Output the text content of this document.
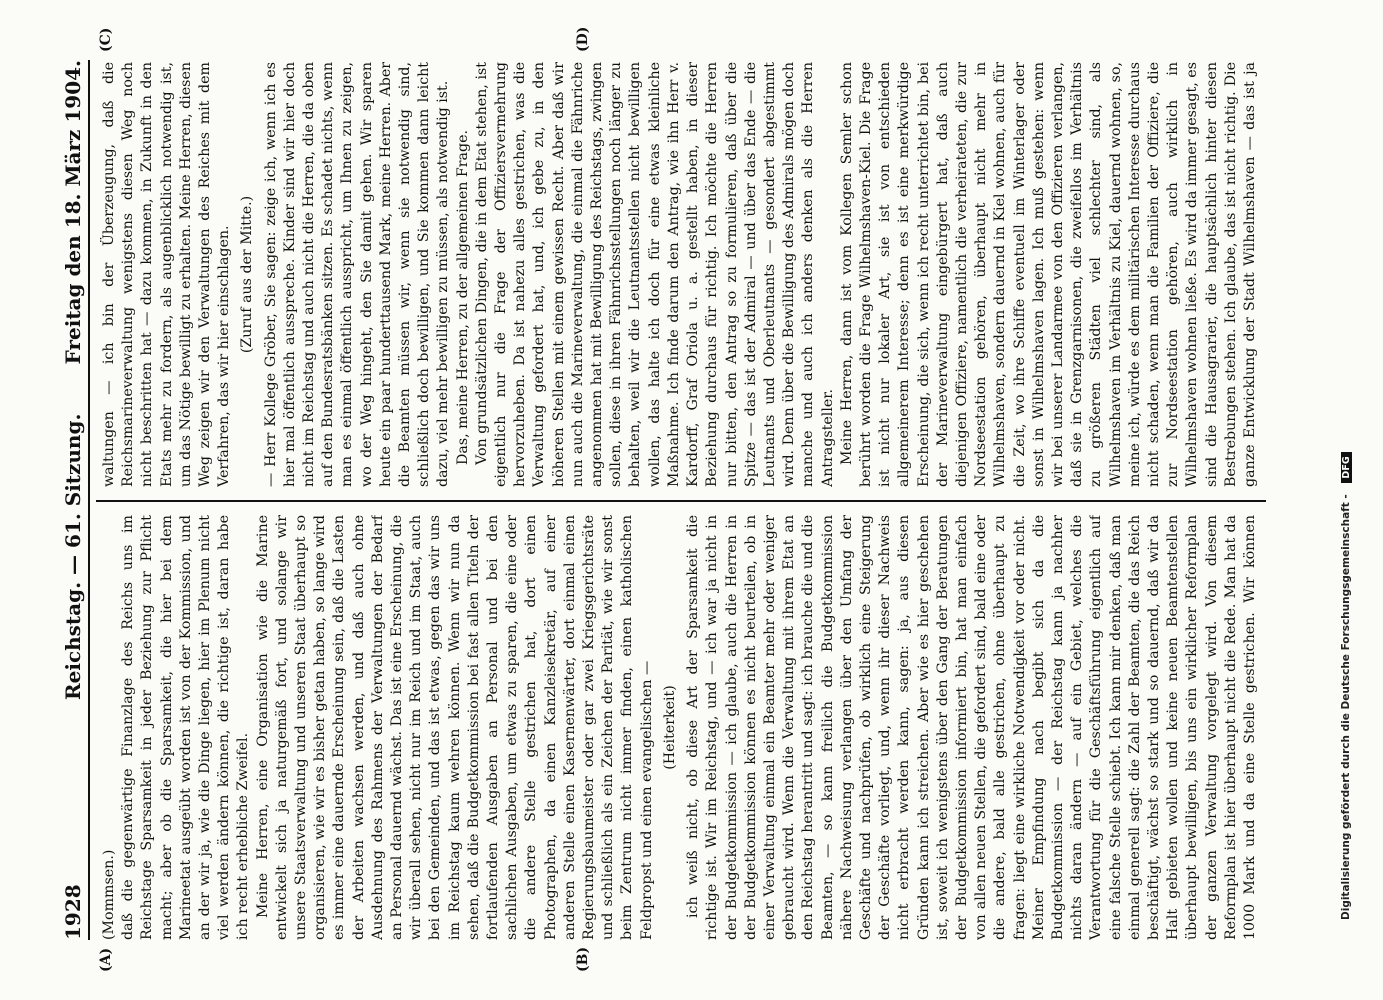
1928
Reichstag. — 61. Sitzung.
Freitag den 18. März 1904.
(A)	(B)
(C)	(D)

(Mommsen.) daß die gegenwärtige Finanzlage des Reichs uns im Reichstage Sparsamkeit in jeder Beziehung zur Pflicht macht; aber ob die Sparsamkeit, die hier bei dem Marineetat ausgeübt worden ist von der Kommission, und an der wir ja, wie die Dinge liegen, hier im Plenum nicht viel werden ändern können, die richtige ist, daran habe ich recht erhebliche Zweifel. Meine Herren, eine Organisation wie die Marine entwickelt sich ja naturgemäß fort, und solange wir unsere Staatsverwaltung und unseren Staat überhaupt so organisieren, wie wir es bisher getan haben, so lange wird es immer eine dauernde Erscheinung sein, daß die Lasten der Arbeiten wachsen werden, und daß auch ohne Ausdehnung des Rahmens der Verwaltungen der Bedarf an Personal dauernd wächst. Das ist eine Erscheinung, die wir überall sehen, nicht nur im Reich und im Staat, auch bei den Gemeinden, und das ist etwas, gegen das wir uns im Reichstag kaum wehren können. Wenn wir nun da sehen, daß die Budgetkommission bei fast allen Titeln der fortlaufenden Ausgaben an Personal und bei den sachlichen Ausgaben, um etwas zu sparen, die eine oder die andere Stelle gestrichen hat, dort einen Photographen, da einen Kanzleisekretär, auf einer anderen Stelle einen Kasernenwärter, dort einmal einen Regierungsbaumeister oder gar zwei Kriegsgerichtsräte und schließlich als ein Zeichen der Parität, wie wir sonst beim Zentrum nicht immer finden, einen katholischen Feldpropst und einen evangelischen — (Heiterkeit)

ich weiß nicht, ob diese Art der Sparsamkeit die richtige ist. Wir im Reichstag, und — ich war ja nicht in der Budgetkommission — ich glaube, auch die Herren in der Budgetkommission können es nicht beurteilen, ob in einer Verwaltung einmal ein Beamter mehr oder weniger gebraucht wird. Wenn die Verwaltung mit ihrem Etat an den Reichstag herantritt und sagt: ich brauche die und die Beamten, — so kann freilich die Budgetkommission nähere Nachweisung verlangen über den Umfang der Geschäfte und nachprüfen, ob wirklich eine Steigerung der Geschäfte vorliegt, und, wenn ihr dieser Nachweis nicht erbracht werden kann, sagen: ja, aus diesen Gründen kann ich streichen. Aber wie es hier geschehen ist, soweit ich wenigstens über den Gang der Beratungen der Budgetkommission informiert bin, hat man einfach von allen neuen Stellen, die gefordert sind, bald eine oder die andere, bald alle gestrichen, ohne überhaupt zu fragen: liegt eine wirkliche Notwendigkeit vor oder nicht. Meiner Empfindung nach begibt sich da die Budgetkommission — der Reichstag kann ja nachher nichts daran ändern — auf ein Gebiet, welches die Verantwortung für die Geschäftsführung eigentlich auf eine falsche Stelle schiebt. Ich kann mir denken, daß man einmal generell sagt: die Zahl der Beamten, die das Reich beschäftigt, wächst so stark und so dauernd, daß wir da Halt gebieten wollen und keine neuen Beamtenstellen überhaupt bewilligen, bis uns ein wirklicher Reformplan der ganzen Verwaltung vorgelegt wird. Von diesem Reformplan ist hier überhaupt nicht die Rede. Man hat da 1000 Mark und da eine Stelle gestrichen. Wir können

waltungen — ich bin der Überzeugung, daß die Reichsmarineverwaltung wenigstens diesen Weg noch nicht beschritten hat — dazu kommen, in Zukunft in den Etats mehr zu fordern, als augenblicklich notwendig ist, um das Nötige bewilligt zu erhalten. Meine Herren, diesen Weg zeigen wir den Verwaltungen des Reiches mit dem Verfahren, das wir hier einschlagen. (Zuruf aus der Mitte.) — Herr Kollege Gröber, Sie sagen: zeige ich, wenn ich es hier mal öffentlich ausspreche. Kinder sind wir hier doch nicht im Reichstag und auch nicht die Herren, die da oben auf den Bundesratsbänken sitzen. Es schadet nichts, wenn man es einmal öffentlich ausspricht, um Ihnen zu zeigen, wo der Weg hingeht, den Sie damit gehen. Wir sparen heute ein paar hunderttausend Mark, meine Herren. Aber die Beamten müssen wir, wenn sie notwendig sind, schließlich doch bewilligen, und Sie kommen dann leicht dazu, viel mehr bewilligen zu müssen, als notwendig ist. Das, meine Herren, zu der allgemeinen Frage. Von grundsätzlichen Dingen, die in dem Etat stehen, ist eigentlich nur die Frage der Offiziersvermehrung hervorzuheben. Da ist nahezu alles gestrichen, was die Verwaltung gefordert hat, und, ich gebe zu, in den höheren Stellen mit einem gewissen Recht. Aber daß wir nun auch die Marineverwaltung, die einmal die Fähnriche angenommen hat mit Bewilligung des Reichstags, zwingen sollen, diese in ihren Fähnrichsstellungen noch länger zu behalten, weil wir die Leutnantsstellen nicht bewilligen wollen, das halte ich doch für eine etwas kleinliche Maßnahme. Ich finde darum den Antrag, wie ihn Herr v. Kardorff, Graf Oriola u. a. gestellt haben, in dieser Beziehung durchaus für richtig. Ich möchte die Herren nur bitten, den Antrag so zu formulieren, daß über die Spitze — das ist der Admiral — und über das Ende — die Leutnants und Oberleutnants — gesondert abgestimmt wird. Denn über die Bewilligung des Admirals mögen doch manche und auch ich anders denken als die Herren Antragsteller. Meine Herren, dann ist vom Kollegen Semler schon berührt worden die Frage Wilhelmshaven-Kiel. Die Frage ist nicht nur lokaler Art, sie ist von entschieden allgemeinerem Interesse; denn es ist eine merkwürdige Erscheinung, die sich, wenn ich recht unterrichtet bin, bei der Marineverwaltung eingebürgert hat, daß auch diejenigen Offiziere, namentlich die verheirateten, die zur Nordseestation gehören, überhaupt nicht mehr in Wilhelmshaven, sondern dauernd in Kiel wohnen, auch für die Zeit, wo ihre Schiffe eventuell im Winterlager oder sonst in Wilhelmshaven lagen. Ich muß gestehen: wenn wir bei unserer Landarmee von den Offizieren verlangen, daß sie in Grenzgarnisonen, die zweifellos im Verhältnis zu größeren Städten viel schlechter sind, als Wilhelmshaven im Verhältnis zu Kiel, dauernd wohnen, so, meine ich, würde es dem militärischen Interesse durchaus nicht schaden, wenn man die Familien der Offiziere, die zur Nordseestation gehören, auch wirklich in Wilhelmshaven wohnen ließe. Es wird da immer gesagt, es sind die Hausagrarier, die hauptsächlich hinter diesen Bestrebungen stehen. Ich glaube, das ist nicht richtig. Die ganze Entwicklung der Stadt Wilhelmshaven — das ist ja

Digitalisierung gefördert durch die Deutsche Forschungsgemeinschaft - DFG
